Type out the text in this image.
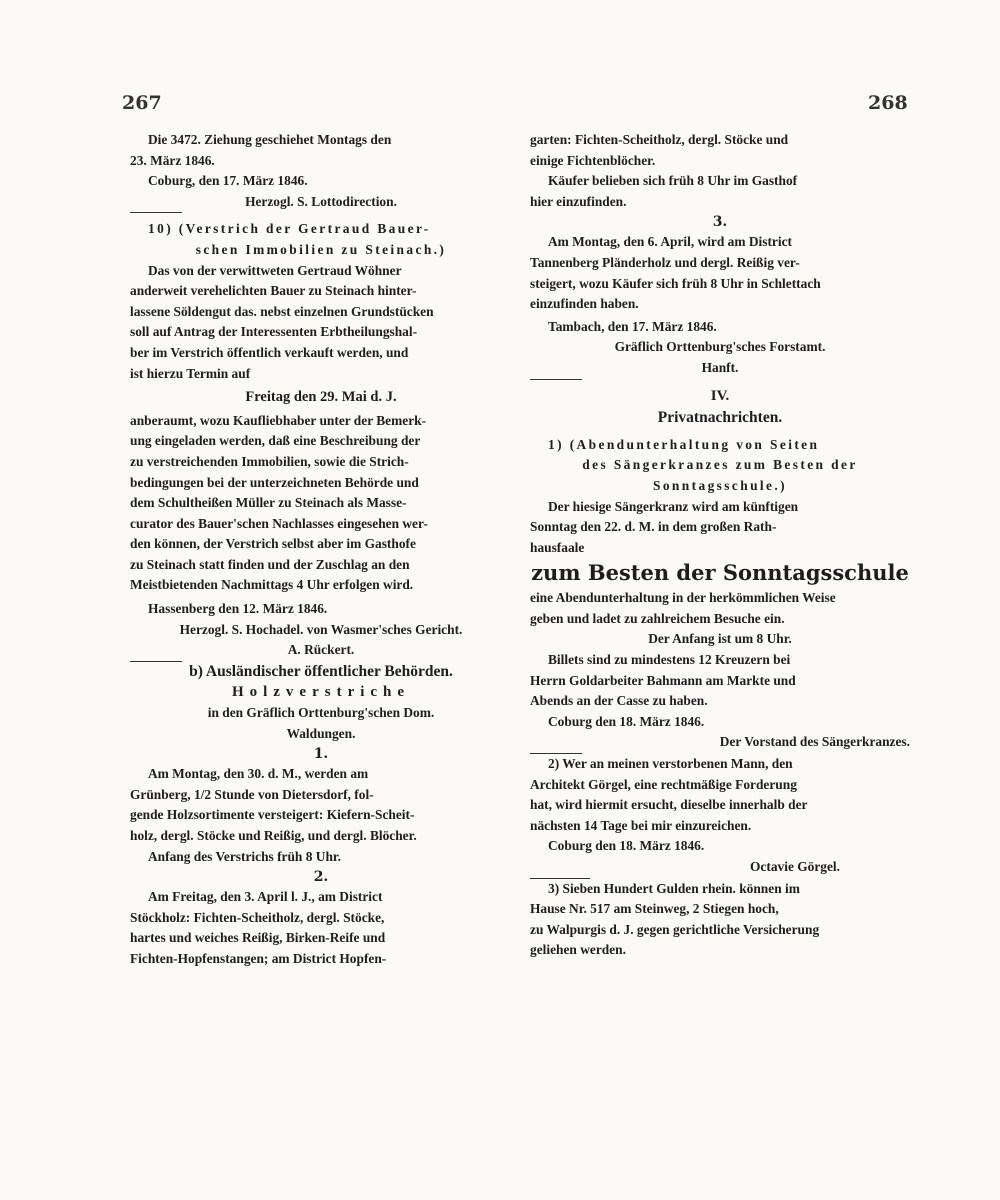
267	268

Die 3472. Ziehung geschiehet Montags den

23. März 1846.

Coburg, den 17. März 1846.

Herzogl. S. Lottodirection.

10) (Verstrich der Gertraud Bauer-

schen Immobilien zu Steinach.)

Das von der verwittweten Gertraud Wöhner

anderweit verehelichten Bauer zu Steinach hinter-

lassene Söldengut das. nebst einzelnen Grundstücken

soll auf Antrag der Interessenten Erbtheilungshal-

ber im Verstrich öffentlich verkauft werden, und

ist hierzu Termin auf

Freitag den 29. Mai d. J.

anberaumt, wozu Kaufliebhaber unter der Bemerk-

ung eingeladen werden, daß eine Beschreibung der

zu verstreichenden Immobilien, sowie die Strich-

bedingungen bei der unterzeichneten Behörde und

dem Schultheißen Müller zu Steinach als Masse-

curator des Bauer'schen Nachlasses eingesehen wer-

den können, der Verstrich selbst aber im Gasthofe

zu Steinach statt finden und der Zuschlag an den

Meistbietenden Nachmittags 4 Uhr erfolgen wird.

Hassenberg den 12. März 1846.

Herzogl. S. Hochadel. von Wasmer'sches Gericht.

A. Rückert.

b) Ausländischer öffentlicher Behörden.

Holzverstriche

in den Gräflich Orttenburg'schen Dom.

Waldungen.

1.

Am Montag, den 30. d. M., werden am

Grünberg, 1/2 Stunde von Dietersdorf, fol-

gende Holzsortimente versteigert: Kiefern-Scheit-

holz, dergl. Stöcke und Reißig, und dergl. Blöcher.

Anfang des Verstrichs früh 8 Uhr.

2.

Am Freitag, den 3. April l. J., am District

Stöckholz: Fichten-Scheitholz, dergl. Stöcke,

hartes und weiches Reißig, Birken-Reife und

Fichten-Hopfenstangen; am District Hopfen-

garten: Fichten-Scheitholz, dergl. Stöcke und

einige Fichtenblöcher.

Käufer belieben sich früh 8 Uhr im Gasthof

hier einzufinden.

3.

Am Montag, den 6. April, wird am District

Tannenberg Pländerholz und dergl. Reißig ver-

steigert, wozu Käufer sich früh 8 Uhr in Schlettach

einzufinden haben.

Tambach, den 17. März 1846.

Gräflich Orttenburg'sches Forstamt.

Hanft.

IV.

Privatnachrichten.

1) (Abendunterhaltung von Seiten

des Sängerkranzes zum Besten der

Sonntagsschule.)

Der hiesige Sängerkranz wird am künftigen

Sonntag den 22. d. M. in dem großen Rath-

hausfaale

zum Besten der Sonntagsschule

eine Abendunterhaltung in der herkömmlichen Weise

geben und ladet zu zahlreichem Besuche ein.

Der Anfang ist um 8 Uhr.

Billets sind zu mindestens 12 Kreuzern bei

Herrn Goldarbeiter Bahmann am Markte und

Abends an der Casse zu haben.

Coburg den 18. März 1846.

Der Vorstand des Sängerkranzes.

2) Wer an meinen verstorbenen Mann, den

Architekt Görgel, eine rechtmäßige Forderung

hat, wird hiermit ersucht, dieselbe innerhalb der

nächsten 14 Tage bei mir einzureichen.

Coburg den 18. März 1846.

Octavie Görgel.

3) Sieben Hundert Gulden rhein. können im

Hause Nr. 517 am Steinweg, 2 Stiegen hoch,

zu Walpurgis d. J. gegen gerichtliche Versicherung

geliehen werden.
